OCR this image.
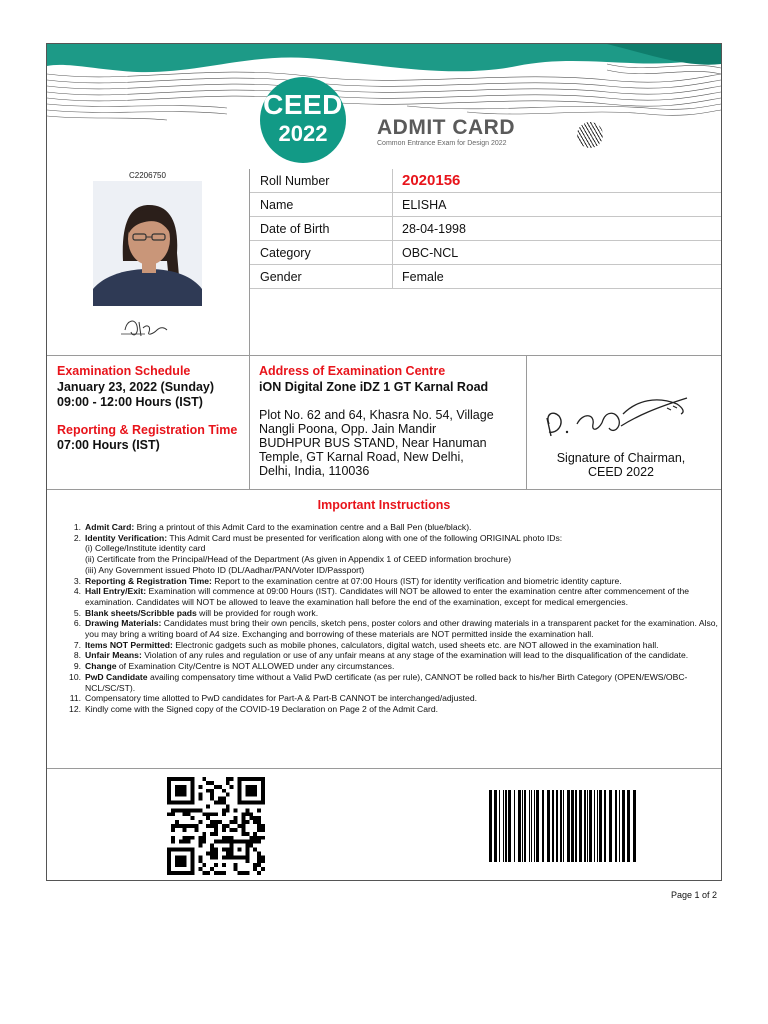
CEED
2022	ADMIT CARD
Common Entrance Exam for Design 2022
C2206750	Roll Number	2020156
Name	ELISHA
Date of Birth	28-04-1998
Category	OBC-NCL
Gender	Female
Examination Schedule
January 23, 2022 (Sunday)
09:00 - 12:00 Hours (IST)
Reporting & Registration Time
07:00 Hours (IST)
Address of Examination Centre
iON Digital Zone iDZ 1 GT Karnal Road
Plot No. 62 and 64, Khasra No. 54, Village
Nangli Poona, Opp. Jain Mandir
BUDHPUR BUS STAND, Near Hanuman
Temple, GT Karnal Road, New Delhi,
Delhi, India, 110036
Signature of Chairman,
CEED 2022
Important Instructions
1. Admit Card: Bring a printout of this Admit Card to the examination centre and a Ball Pen (blue/black).
2. Identity Verification: This Admit Card must be presented for verification along with one of the following ORIGINAL photo IDs:
(i) College/Institute identity card
(ii) Certificate from the Principal/Head of the Department (As given in Appendix 1 of CEED information brochure)
(iii) Any Government issued Photo ID (DL/Aadhar/PAN/Voter ID/Passport)
3. Reporting & Registration Time: Report to the examination centre at 07:00 Hours (IST) for identity verification and biometric identity capture.
4. Hall Entry/Exit: Examination will commence at 09:00 Hours (IST). Candidates will NOT be allowed to enter the examination centre after commencement of the examination. Candidates will NOT be allowed to leave the examination hall before the end of the examination, except for medical emergencies.
5. Blank sheets/Scribble pads will be provided for rough work.
6. Drawing Materials: Candidates must bring their own pencils, sketch pens, poster colors and other drawing materials in a transparent packet for the examination. Also, you may bring a writing board of A4 size. Exchanging and borrowing of these materials are NOT permitted inside the examination hall.
7. Items NOT Permitted: Electronic gadgets such as mobile phones, calculators, digital watch, used sheets etc. are NOT allowed in the examination hall.
8. Unfair Means: Violation of any rules and regulation or use of any unfair means at any stage of the examination will lead to the disqualification of the candidate.
9. Change of Examination City/Centre is NOT ALLOWED under any circumstances.
10. PwD Candidate availing compensatory time without a Valid PwD certificate (as per rule), CANNOT be rolled back to his/her Birth Category (OPEN/EWS/OBC-NCL/SC/ST).
11. Compensatory time allotted to PwD candidates for Part-A & Part-B CANNOT be interchanged/adjusted.
12. Kindly come with the Signed copy of the COVID-19 Declaration on Page 2 of the Admit Card.
Page 1 of 2
